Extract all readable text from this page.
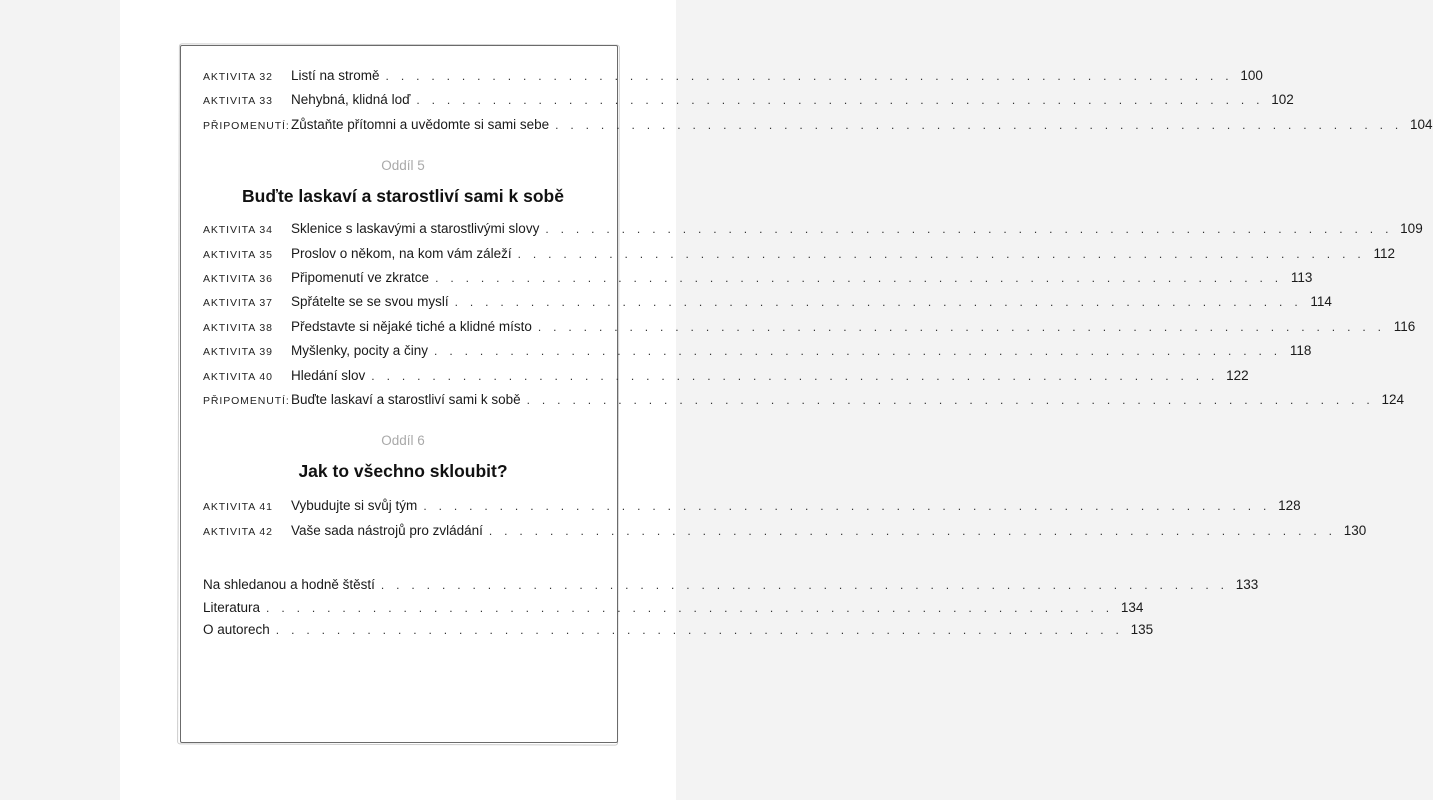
AKTIVITA 32	Listí na stromě . . . . . . . . . . . . . . . . . . . . . . . . . . . . . . . . . . . . . . . . . . . . . . . . . . . . . . . . 100
AKTIVITA 33	Nehybná, klidná loď . . . . . . . . . . . . . . . . . . . . . . . . . . . . . . . . . . . . . . . . . . . . . . . . . . . . . . . . 102
PŘIPOMENUTÍ: Zůstaňte přítomni a uvědomte si sami sebe . . . . . . . . . . . . . . . . . . . . . . . . . . . . . . . . . . . . . . . . . . . . . . . . . . . . . . . . 104
Oddíl 5
Buďte laskaví a starostliví sami k sobě
AKTIVITA 34	Sklenice s laskavými a starostlivými slovy . . . . . . . . . . . . . . . . . . . . . . . . . . . . . . . . . . . . . . . . . . . . . . . . . . . . . . . . 109
AKTIVITA 35	Proslov o někom, na kom vám záleží . . . . . . . . . . . . . . . . . . . . . . . . . . . . . . . . . . . . . . . . . . . . . . . . . . . . . . . . 112
AKTIVITA 36	Připomenutí ve zkratce . . . . . . . . . . . . . . . . . . . . . . . . . . . . . . . . . . . . . . . . . . . . . . . . . . . . . . . . 113
AKTIVITA 37	Spřátelte se se svou myslí . . . . . . . . . . . . . . . . . . . . . . . . . . . . . . . . . . . . . . . . . . . . . . . . . . . . . . . . 114
AKTIVITA 38	Představte si nějaké tiché a klidné místo . . . . . . . . . . . . . . . . . . . . . . . . . . . . . . . . . . . . . . . . . . . . . . . . . . . . . . . . 116
AKTIVITA 39	Myšlenky, pocity a činy . . . . . . . . . . . . . . . . . . . . . . . . . . . . . . . . . . . . . . . . . . . . . . . . . . . . . . . . 118
AKTIVITA 40	Hledání slov . . . . . . . . . . . . . . . . . . . . . . . . . . . . . . . . . . . . . . . . . . . . . . . . . . . . . . . . 122
PŘIPOMENUTÍ: Buďte laskaví a starostliví sami k sobě . . . . . . . . . . . . . . . . . . . . . . . . . . . . . . . . . . . . . . . . . . . . . . . . . . . . . . . . 124
Oddíl 6
Jak to všechno skloubit?
AKTIVITA 41	Vybudujte si svůj tým . . . . . . . . . . . . . . . . . . . . . . . . . . . . . . . . . . . . . . . . . . . . . . . . . . . . . . . . 128
AKTIVITA 42	Vaše sada nástrojů pro zvládání . . . . . . . . . . . . . . . . . . . . . . . . . . . . . . . . . . . . . . . . . . . . . . . . . . . . . . . . 130
Na shledanou a hodně štěstí . . . . . . . . . . . . . . . . . . . . . . . . . . . . . . . . . . . . . . . . . . . . . . . . . . . . . . . . 133
Literatura . . . . . . . . . . . . . . . . . . . . . . . . . . . . . . . . . . . . . . . . . . . . . . . . . . . . . . . . 134
O autorech . . . . . . . . . . . . . . . . . . . . . . . . . . . . . . . . . . . . . . . . . . . . . . . . . . . . . . . . 135
